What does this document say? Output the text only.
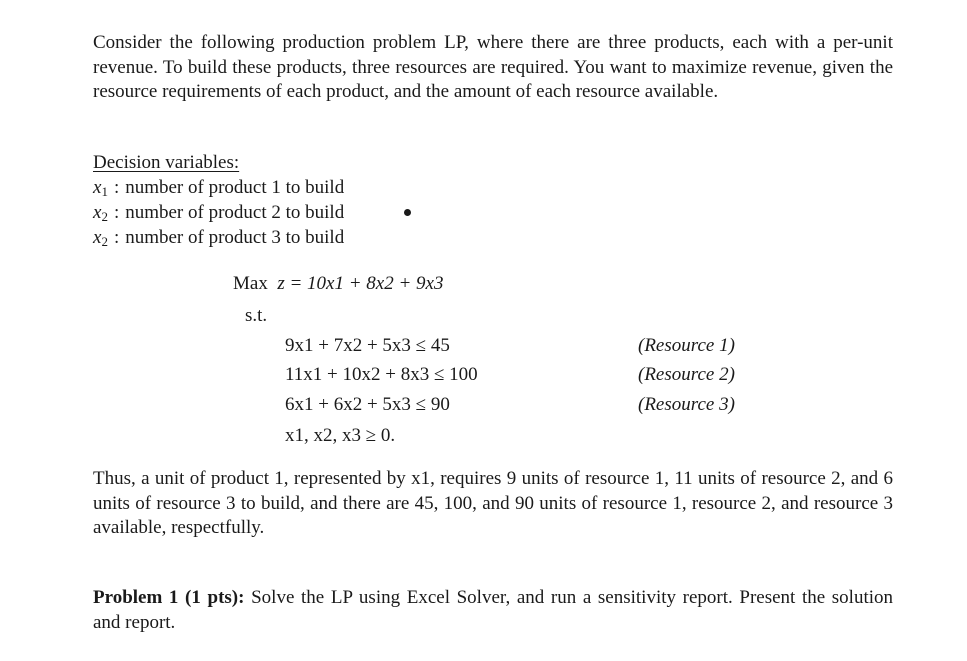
Consider the following production problem LP, where there are three products, each with a per-unit revenue. To build these products, three resources are required. You want to maximize revenue, given the resource requirements of each product, and the amount of each resource available.

Decision variables:
$x_1$ : number of product 1 to build
$x_2$ : number of product 2 to build
$x_2$ : number of product 3 to build
Max z = 10x1 + 8x2 + 9x3
s.t.
9x1 + 7x2 + 5x3 ≤ 45	(Resource 1)
11x1 + 10x2 + 8x3 ≤ 100	(Resource 2)
6x1 + 6x2 + 5x3 ≤ 90	(Resource 3)
x1, x2, x3 ≥ 0.

Thus, a unit of product 1, represented by x1, requires 9 units of resource 1, 11 units of resource 2, and 6 units of resource 3 to build, and there are 45, 100, and 90 units of resource 1, resource 2, and resource 3 available, respectfully.

Problem 1 (1 pts): Solve the LP using Excel Solver, and run a sensitivity report. Present the solution and report.
